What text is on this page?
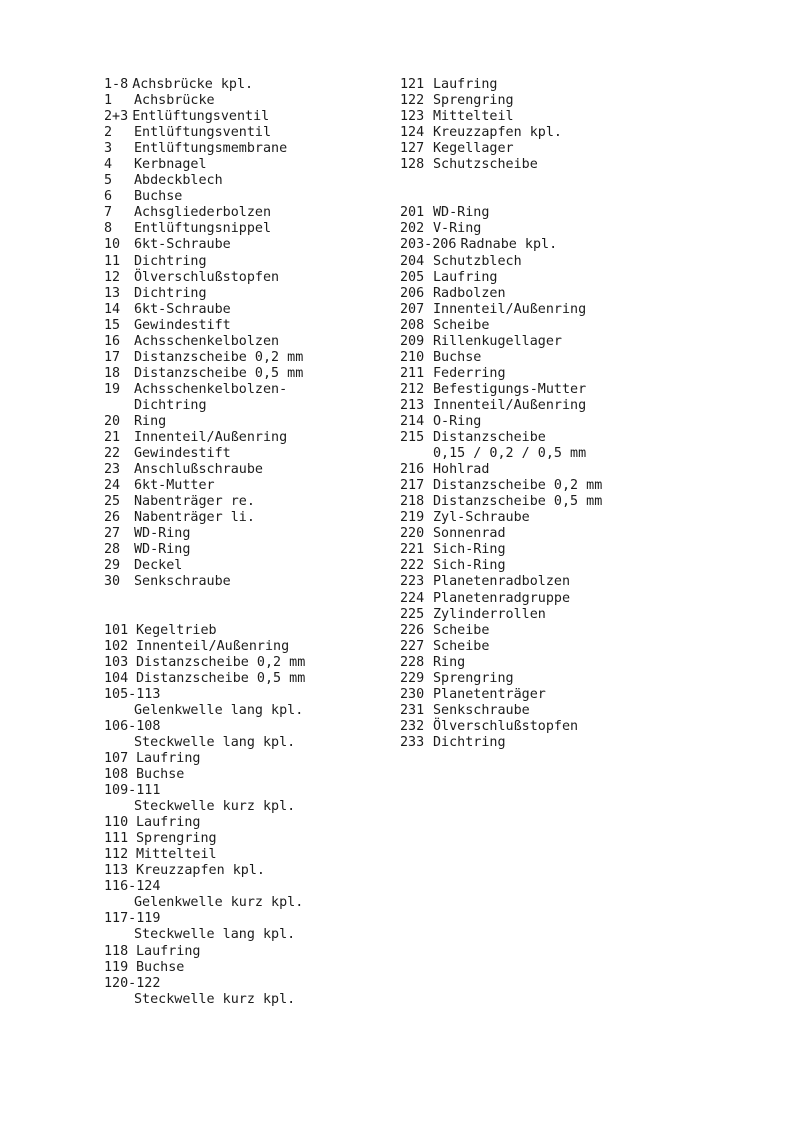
1-8 Achsbrücke kpl.
1	Achsbrücke
2+3 Entlüftungsventil
2	Entlüftungsventil
3	Entlüftungsmembrane
4	Kerbnagel
5	Abdeckblech
6	Buchse
7	Achsgliederbolzen
8	Entlüftungsnippel
10	6kt-Schraube
11	Dichtring
12	Ölverschlußstopfen
13	Dichtring
14	6kt-Schraube
15	Gewindestift
16	Achsschenkelbolzen
17	Distanzscheibe 0,2 mm
18	Distanzscheibe 0,5 mm
19	Achsschenkelbolzen-
Dichtring
20	Ring
21	Innenteil/Außenring
22	Gewindestift
23	Anschlußschraube
24	6kt-Mutter
25	Nabenträger re.
26	Nabenträger li.
27	WD-Ring
28	WD-Ring
29	Deckel
30	Senkschraube
101 Kegeltrieb
102 Innenteil/Außenring
103 Distanzscheibe 0,2 mm
104 Distanzscheibe 0,5 mm
105-113
Gelenkwelle lang kpl.
106-108
Steckwelle lang kpl.
107 Laufring
108 Buchse
109-111
Steckwelle kurz kpl.
110 Laufring
111 Sprengring
112 Mittelteil
113 Kreuzzapfen kpl.
116-124
Gelenkwelle kurz kpl.
117-119
Steckwelle lang kpl.
118 Laufring
119 Buchse
120-122
Steckwelle kurz kpl.
121 Laufring
122 Sprengring
123 Mittelteil
124 Kreuzzapfen kpl.
127 Kegellager
128 Schutzscheibe
201 WD-Ring
202 V-Ring
203-206 Radnabe kpl.
204 Schutzblech
205 Laufring
206 Radbolzen
207 Innenteil/Außenring
208 Scheibe
209 Rillenkugellager
210 Buchse
211 Federring
212 Befestigungs-Mutter
213 Innenteil/Außenring
214 O-Ring
215 Distanzscheibe
0,15 / 0,2 / 0,5 mm
216 Hohlrad
217 Distanzscheibe 0,2 mm
218 Distanzscheibe 0,5 mm
219 Zyl-Schraube
220 Sonnenrad
221 Sich-Ring
222 Sich-Ring
223 Planetenradbolzen
224 Planetenradgruppe
225 Zylinderrollen
226 Scheibe
227 Scheibe
228 Ring
229 Sprengring
230 Planetenträger
231 Senkschraube
232 Ölverschlußstopfen
233 Dichtring
